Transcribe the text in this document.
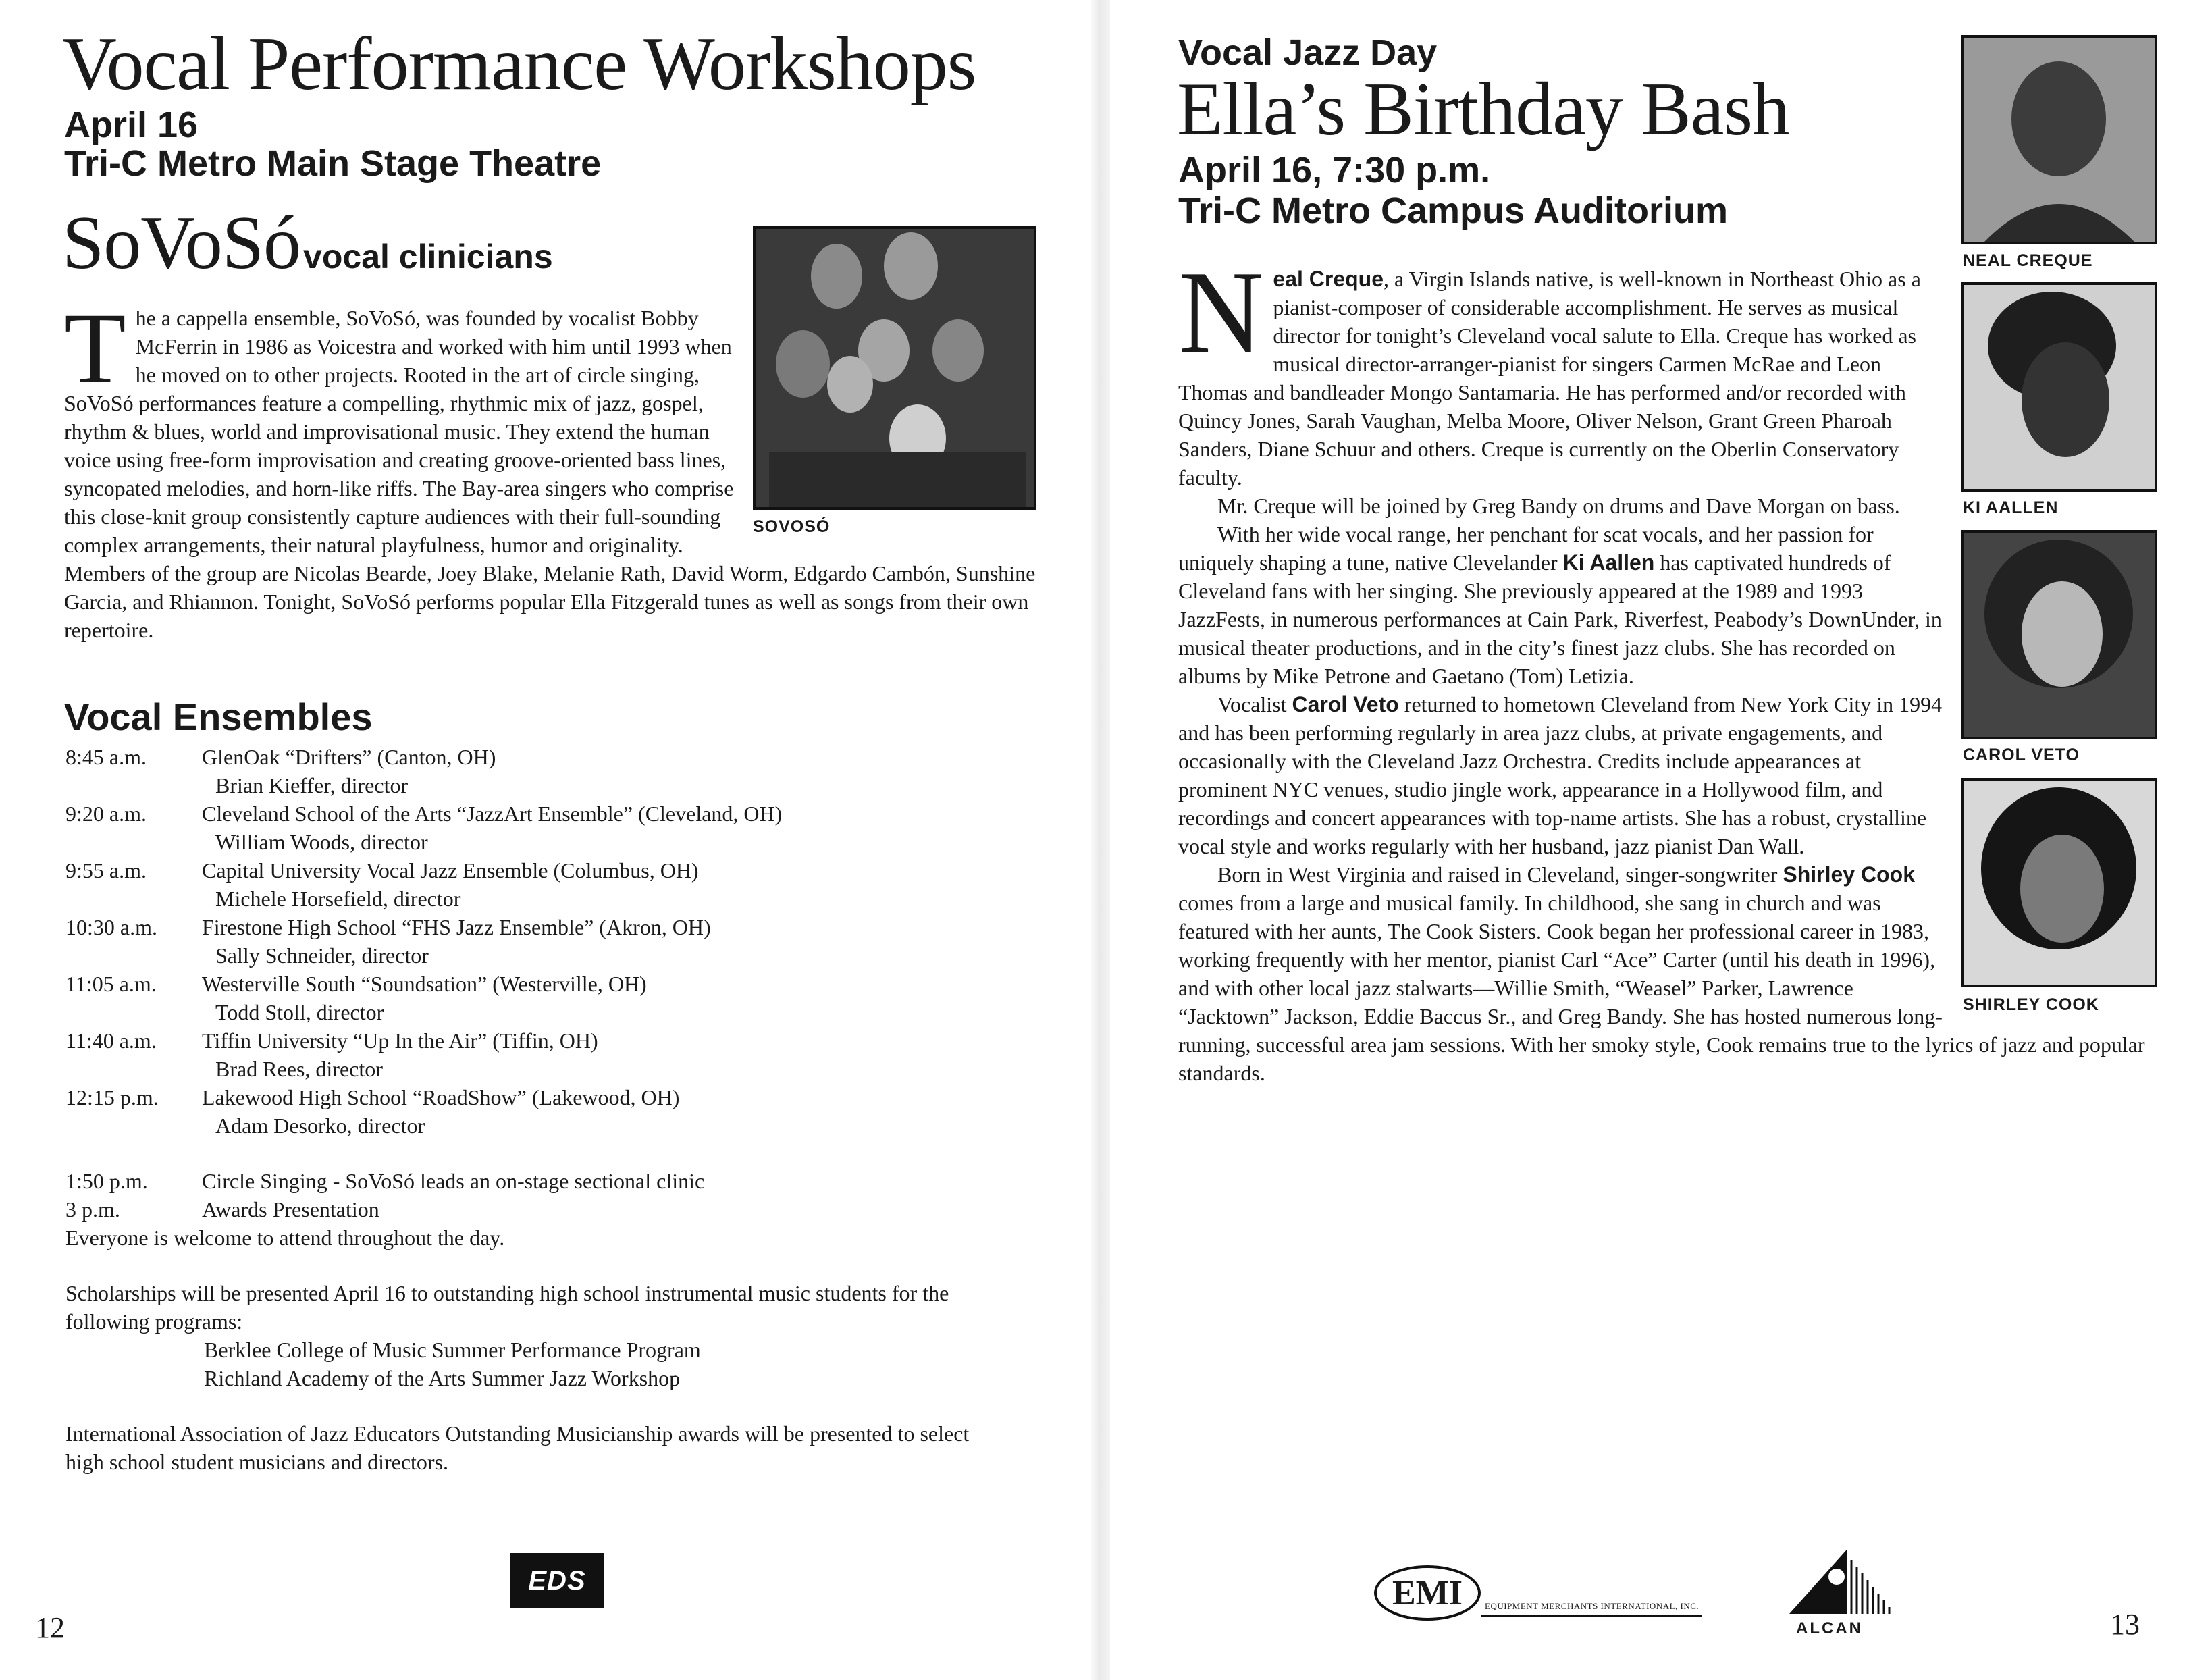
Vocal Performance Workshops
April 16
Tri-C Metro Main Stage Theatre
SoVoSó vocal clinicians
SOVOSÓ
T he a cappella ensemble, SoVoSó, was founded by vocalist Bobby McFerrin in 1986 as Voicestra and worked with him until 1993 when he moved on to other projects. Rooted in the art of circle singing, SoVoSó performances feature a compelling, rhythmic mix of jazz, gospel, rhythm & blues, world and improvisational music. They extend the human voice using free-form improvisation and creating groove-oriented bass lines, syncopated melodies, and horn-like riffs. The Bay-area singers who comprise this close-knit group consistently capture audiences with their full-sounding complex arrangements, their natural playfulness, humor and originality. Members of the group are Nicolas Bearde, Joey Blake, Melanie Rath, David Worm, Edgardo Cambón, Sunshine Garcia, and Rhiannon. Tonight, SoVoSó performs popular Ella Fitzgerald tunes as well as songs from their own repertoire.
Vocal Ensembles
8:45 a.m.	GlenOak “Drifters” (Canton, OH)
Brian Kieffer, director
9:20 a.m.	Cleveland School of the Arts “JazzArt Ensemble” (Cleveland, OH)
William Woods, director
9:55 a.m.	Capital University Vocal Jazz Ensemble (Columbus, OH)
Michele Horsefield, director
10:30 a.m.	Firestone High School “FHS Jazz Ensemble” (Akron, OH)
Sally Schneider, director
11:05 a.m.	Westerville South “Soundsation” (Westerville, OH)
Todd Stoll, director
11:40 a.m.	Tiffin University “Up In the Air” (Tiffin, OH)
Brad Rees, director
12:15 p.m.	Lakewood High School “RoadShow” (Lakewood, OH)
Adam Desorko, director
1:50 p.m.	Circle Singing - SoVoSó leads an on-stage sectional clinic
3 p.m.	Awards Presentation
Everyone is welcome to attend throughout the day.
Scholarships will be presented April 16 to outstanding high school instrumental music students for the following programs:
Berklee College of Music Summer Performance Program
Richland Academy of the Arts Summer Jazz Workshop
International Association of Jazz Educators Outstanding Musicianship awards will be presented to select high school student musicians and directors.
EDS
12
Vocal Jazz Day
Ella’s Birthday Bash
April 16, 7:30 p.m.
Tri-C Metro Campus Auditorium
NEAL CREQUE
KI AALLEN
CAROL VETO
SHIRLEY COOK

Neal Creque, a Virgin Islands native, is well-known in Northeast Ohio as a pianist-composer of considerable accomplishment. He serves as musical director for tonight’s Cleveland vocal salute to Ella. Creque has worked as musical director-arranger-pianist for singers Carmen McRae and Leon Thomas and bandleader Mongo Santamaria. He has performed and/or recorded with Quincy Jones, Sarah Vaughan, Melba Moore, Oliver Nelson, Grant Green Pharoah Sanders, Diane Schuur and others. Creque is currently on the Oberlin Conservatory faculty.

Mr. Creque will be joined by Greg Bandy on drums and Dave Morgan on bass.

With her wide vocal range, her penchant for scat vocals, and her passion for uniquely shaping a tune, native Clevelander Ki Aallen has captivated hundreds of Cleveland fans with her singing. She previously appeared at the 1989 and 1993 JazzFests, in numerous performances at Cain Park, Riverfest, Peabody’s DownUnder, in musical theater productions, and in the city’s finest jazz clubs. She has recorded on albums by Mike Petrone and Gaetano (Tom) Letizia.

Vocalist Carol Veto returned to hometown Cleveland from New York City in 1994 and has been performing regularly in area jazz clubs, at private engagements, and occasionally with the Cleveland Jazz Orchestra. Credits include appearances at prominent NYC venues, studio jingle work, appearance in a Hollywood film, and recordings and concert appearances with top-name artists. She has a robust, crystalline vocal style and works regularly with her husband, jazz pianist Dan Wall.

Born in West Virginia and raised in Cleveland, singer-songwriter Shirley Cook comes from a large and musical family. In childhood, she sang in church and was featured with her aunts, The Cook Sisters. Cook began her professional career in 1983, working frequently with her mentor, pianist Carl “Ace” Carter (until his death in 1996), and with other local jazz stalwarts—Willie Smith, “Weasel” Parker, Lawrence “Jacktown” Jackson, Eddie Baccus Sr., and Greg Bandy. She has hosted numerous long-running, successful area jam sessions. With her smoky style, Cook remains true to the lyrics of jazz and popular standards.

EMI	EQUIPMENT MERCHANTS INTERNATIONAL, INC.
ALCAN	13
